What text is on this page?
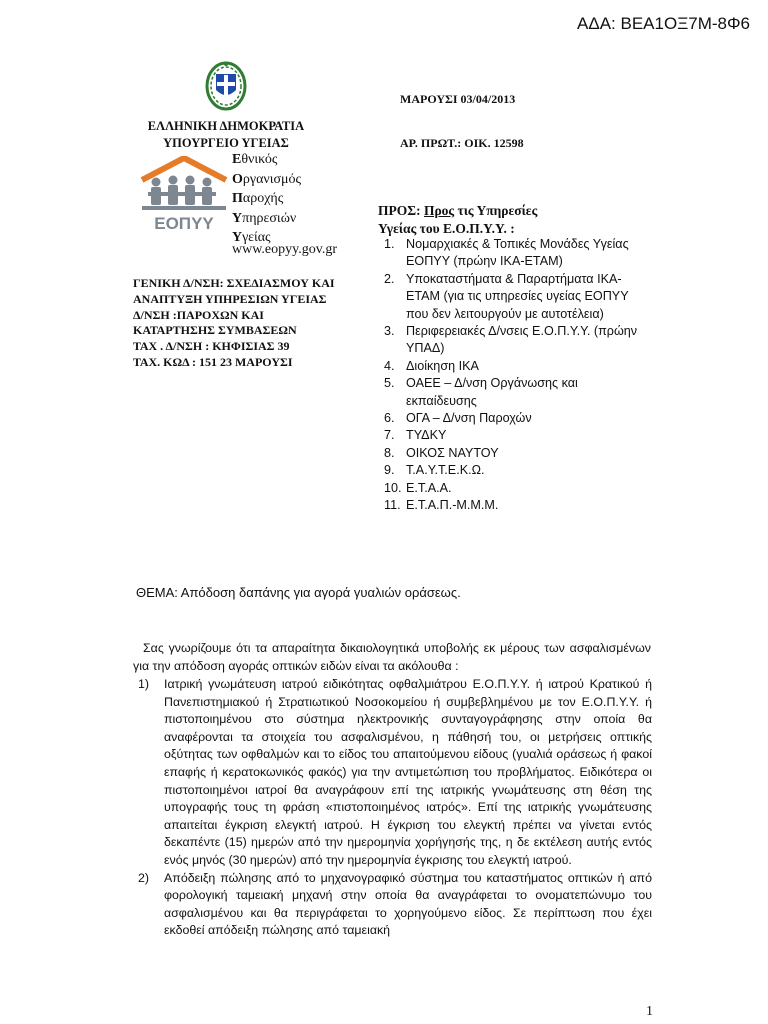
ΑΔΑ: ΒΕΑ1ΟΞ7Μ-8Φ6
ΕΛΛΗΝΙΚΗ ΔΗΜΟΚΡΑΤΙΑ
ΥΠΟΥΡΓΕΙΟ ΥΓΕΙΑΣ
ΜΑΡΟΥΣΙ 03/04/2013
ΑΡ. ΠΡΩΤ.: ΟΙΚ. 12598
ΕΟΠΥΥ
Εθνικός
Οργανισμός
Παροχής
Υπηρεσιών
Υγείας
www.eopyy.gov.gr
ΓΕΝΙΚΗ Δ/ΝΣΗ: ΣΧΕΔΙΑΣΜΟΥ ΚΑΙ
ΑΝΑΠΤΥΞΗ ΥΠΗΡΕΣΙΩΝ ΥΓΕΙΑΣ
Δ/ΝΣΗ :ΠΑΡΟΧΩΝ ΚΑΙ
ΚΑΤΑΡΤΗΣΗΣ ΣΥΜΒΑΣΕΩΝ
ΤΑΧ . Δ/ΝΣΗ : ΚΗΦΙΣΙΑΣ 39
ΤΑΧ. ΚΩΔ : 151 23 ΜΑΡΟΥΣΙ
ΠΡΟΣ: Προς τις Υπηρεσίες
Υγείας του Ε.Ο.Π.Υ.Υ. :
1. Νομαρχιακές & Τοπικές Μονάδες Υγείας ΕΟΠΥΥ (πρώην ΙΚΑ-ΕΤΑΜ)
2. Υποκαταστήματα & Παραρτήματα ΙΚΑ-ΕΤΑΜ (για τις υπηρεσίες υγείας ΕΟΠΥΥ που δεν λειτουργούν με αυτοτέλεια)
3. Περιφερειακές Δ/νσεις Ε.Ο.Π.Υ.Υ. (πρώην ΥΠΑΔ)
4. Διοίκηση ΙΚΑ
5. ΟΑΕΕ – Δ/νση Οργάνωσης και εκπαίδευσης
6. ΟΓΑ – Δ/νση Παροχών
7. ΤΥΔΚΥ
8. ΟΙΚΟΣ ΝΑΥΤΟΥ
9. Τ.Α.Υ.Τ.Ε.Κ.Ω.
10. Ε.Τ.Α.Α.
11. Ε.Τ.Α.Π.-Μ.Μ.Μ.
ΘΕΜΑ: Απόδοση δαπάνης για αγορά γυαλιών οράσεως.
Σας γνωρίζουμε ότι τα απαραίτητα δικαιολογητικά υποβολής εκ μέρους των ασφαλισμένων για την απόδοση αγοράς οπτικών ειδών είναι τα ακόλουθα :
1) Ιατρική γνωμάτευση ιατρού ειδικότητας οφθαλμιάτρου Ε.Ο.Π.Υ.Υ. ή ιατρού Κρατικού ή Πανεπιστημιακού ή Στρατιωτικού Νοσοκομείου ή συμβεβλημένου με τον Ε.Ο.Π.Υ.Υ. ή πιστοποιημένου στο σύστημα ηλεκτρονικής συνταγογράφησης στην οποία θα αναφέρονται τα στοιχεία του ασφαλισμένου, η πάθησή του, οι μετρήσεις οπτικής οξύτητας των οφθαλμών και το είδος του απαιτούμενου είδους (γυαλιά οράσεως ή φακοί επαφής ή κερατοκωνικός φακός) για την αντιμετώπιση του προβλήματος. Ειδικότερα οι πιστοποιημένοι ιατροί θα αναγράφουν επί της ιατρικής γνωμάτευσης στη θέση της υπογραφής τους τη φράση «πιστοποιημένος ιατρός». Επί της ιατρικής γνωμάτευσης απαιτείται έγκριση ελεγκτή ιατρού. Η έγκριση του ελεγκτή πρέπει να γίνεται εντός δεκαπέντε (15) ημερών από την ημερομηνία χορήγησής της, η δε εκτέλεση αυτής εντός ενός μηνός (30 ημερών) από την ημερομηνία έγκρισης του ελεγκτή ιατρού.
2) Απόδειξη πώλησης από το μηχανογραφικό σύστημα του καταστήματος οπτικών ή από φορολογική ταμειακή μηχανή στην οποία θα αναγράφεται το ονοματεπώνυμο του ασφαλισμένου και θα περιγράφεται το χορηγούμενο είδος. Σε περίπτωση που έχει εκδοθεί απόδειξη πώλησης από ταμειακή
1
